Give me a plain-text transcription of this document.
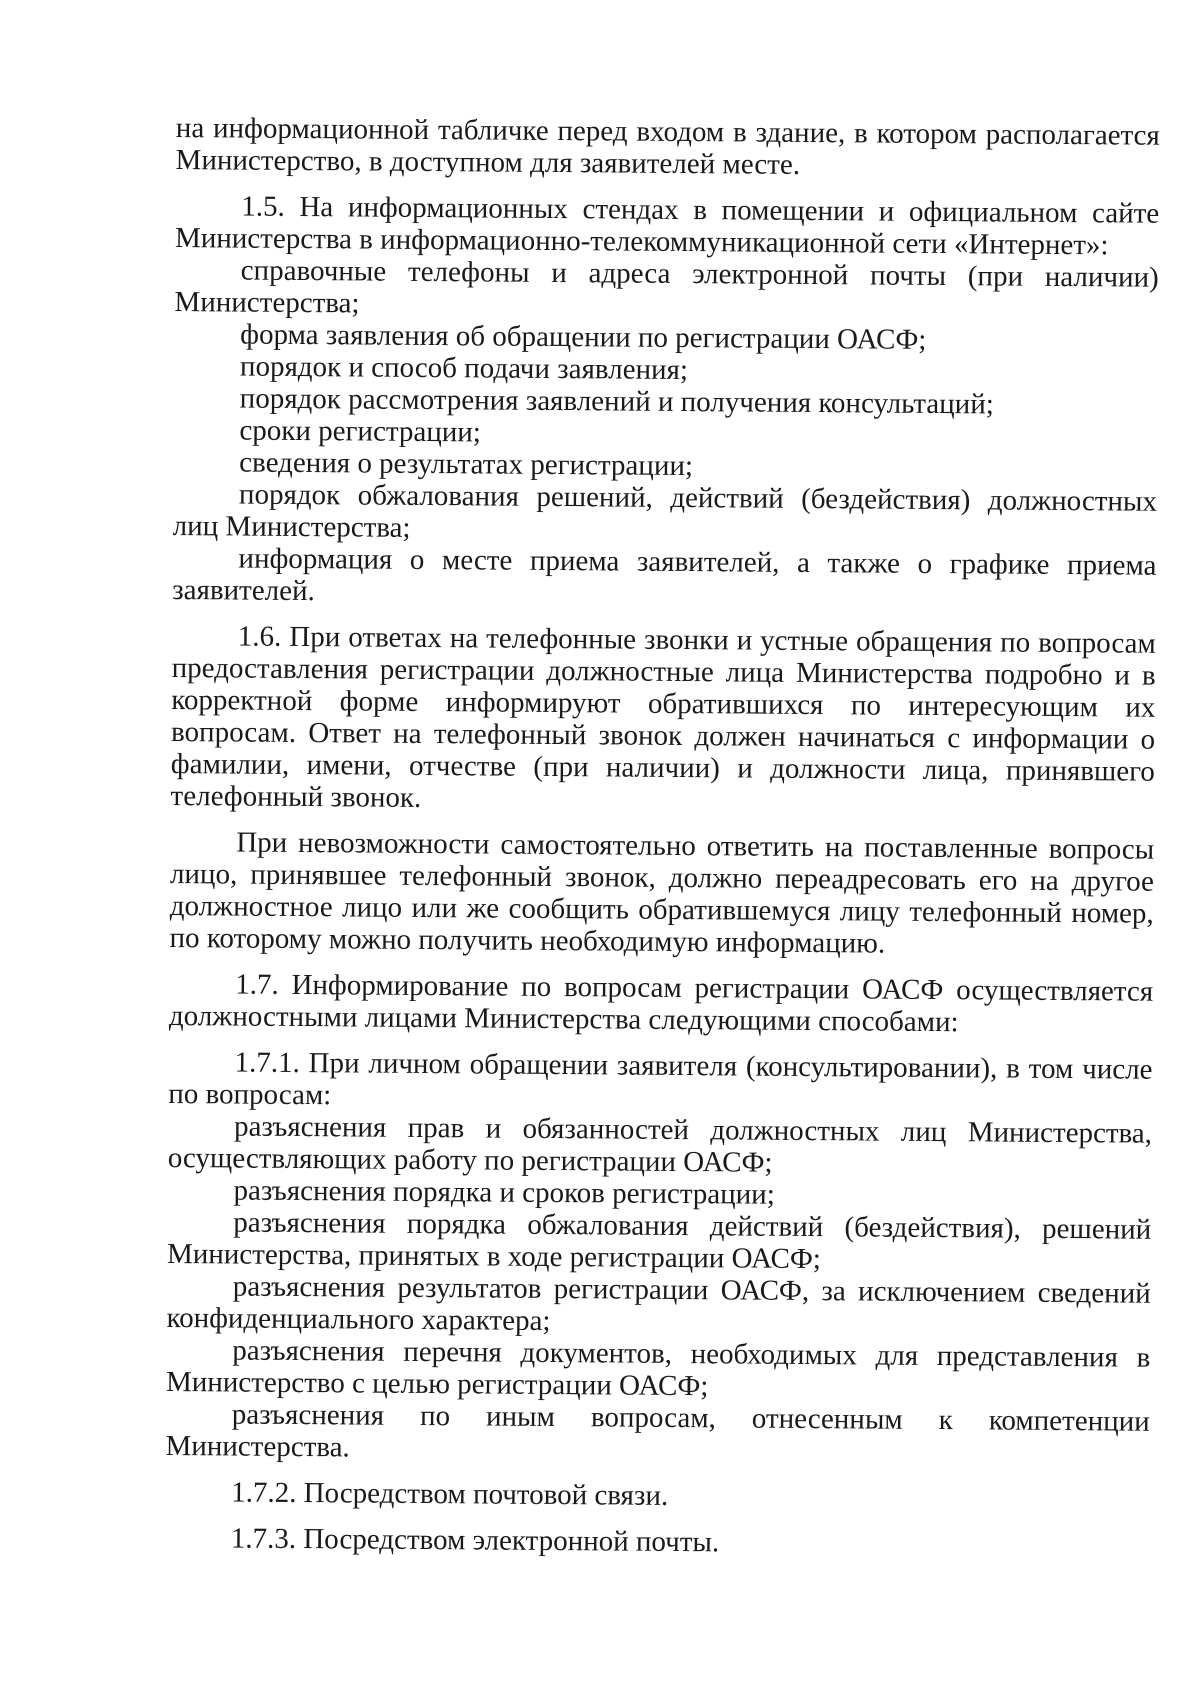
на информационной табличке перед входом в здание, в котором располагается Министерство, в доступном для заявителей месте.

1.5. На информационных стендах в помещении и официальном сайте Министерства в информационно-телекоммуникационной сети «Интернет»:

справочные телефоны и адреса электронной почты (при наличии) Министерства;

форма заявления об обращении по регистрации ОАСФ;

порядок и способ подачи заявления;

порядок рассмотрения заявлений и получения консультаций;

сроки регистрации;

сведения о результатах регистрации;

порядок обжалования решений, действий (бездействия) должностных лиц Министерства;

информация о месте приема заявителей, а также о графике приема заявителей.

1.6. При ответах на телефонные звонки и устные обращения по вопросам предоставления регистрации должностные лица Министерства подробно и в корректной форме информируют обратившихся по интересующим их вопросам. Ответ на телефонный звонок должен начинаться с информации о фамилии, имени, отчестве (при наличии) и должности лица, принявшего телефонный звонок.

При невозможности самостоятельно ответить на поставленные вопросы лицо, принявшее телефонный звонок, должно переадресовать его на другое должностное лицо или же сообщить обратившемуся лицу телефонный номер, по которому можно получить необходимую информацию.

1.7. Информирование по вопросам регистрации ОАСФ осуществляется должностными лицами Министерства следующими способами:

1.7.1. При личном обращении заявителя (консультировании), в том числе по вопросам:

разъяснения прав и обязанностей должностных лиц Министерства, осуществляющих работу по регистрации ОАСФ;

разъяснения порядка и сроков регистрации;

разъяснения порядка обжалования действий (бездействия), решений Министерства, принятых в ходе регистрации ОАСФ;

разъяснения результатов регистрации ОАСФ, за исключением сведений конфиденциального характера;

разъяснения перечня документов, необходимых для представления в Министерство с целью регистрации ОАСФ;

разъяснения по иным вопросам, отнесенным к компетенции Министерства.

1.7.2. Посредством почтовой связи.

1.7.3. Посредством электронной почты.
